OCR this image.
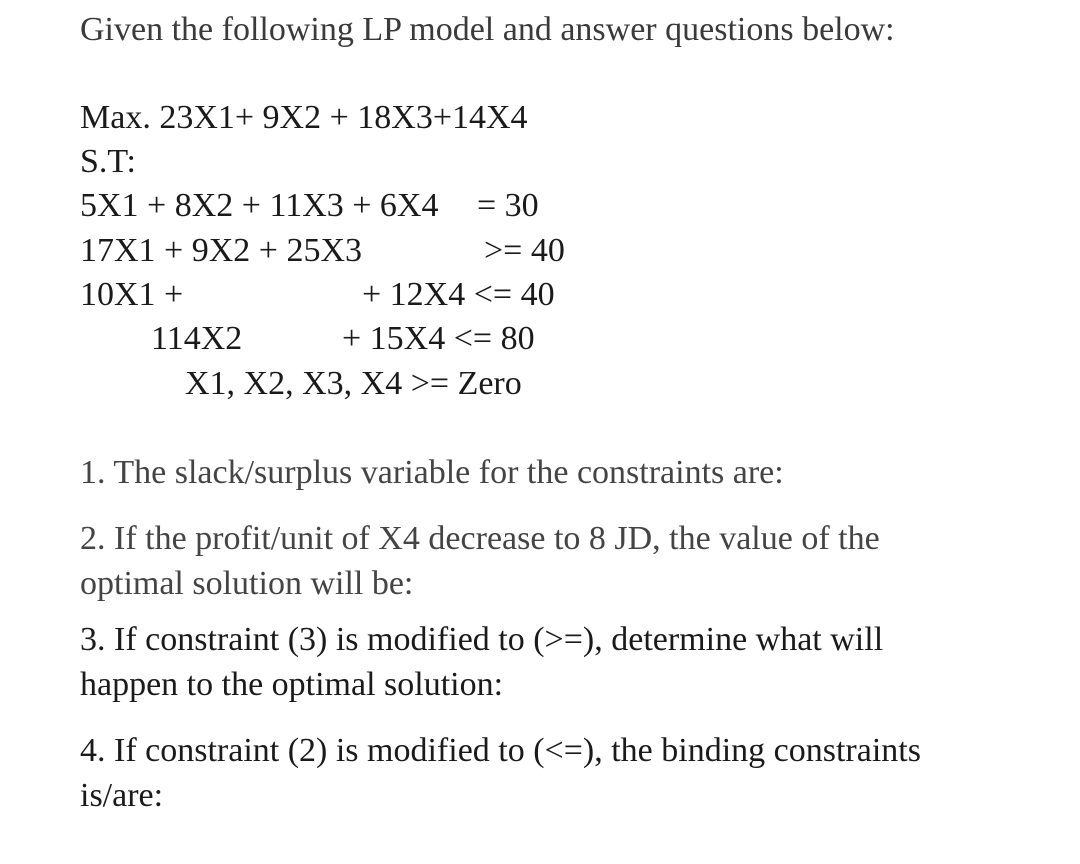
Given the following LP model and answer questions below:

Max. 23X1+ 9X2 + 18X3+14X4

S.T:

5X1 + 8X2 + 11X3 + 6X4 = 30

17X1 + 9X2 + 25X3	>= 40

10X1 +	+ 12X4 <= 40

114X2	+ 15X4 <= 80

X1, X2, X3, X4 >= Zero

1. The slack/surplus variable for the constraints are:

2. If the profit/unit of X4 decrease to 8 JD, the value of the

optimal solution will be:

3. If constraint (3) is modified to (>=), determine what will

happen to the optimal solution:

4. If constraint (2) is modified to (<=), the binding constraints

is/are:
